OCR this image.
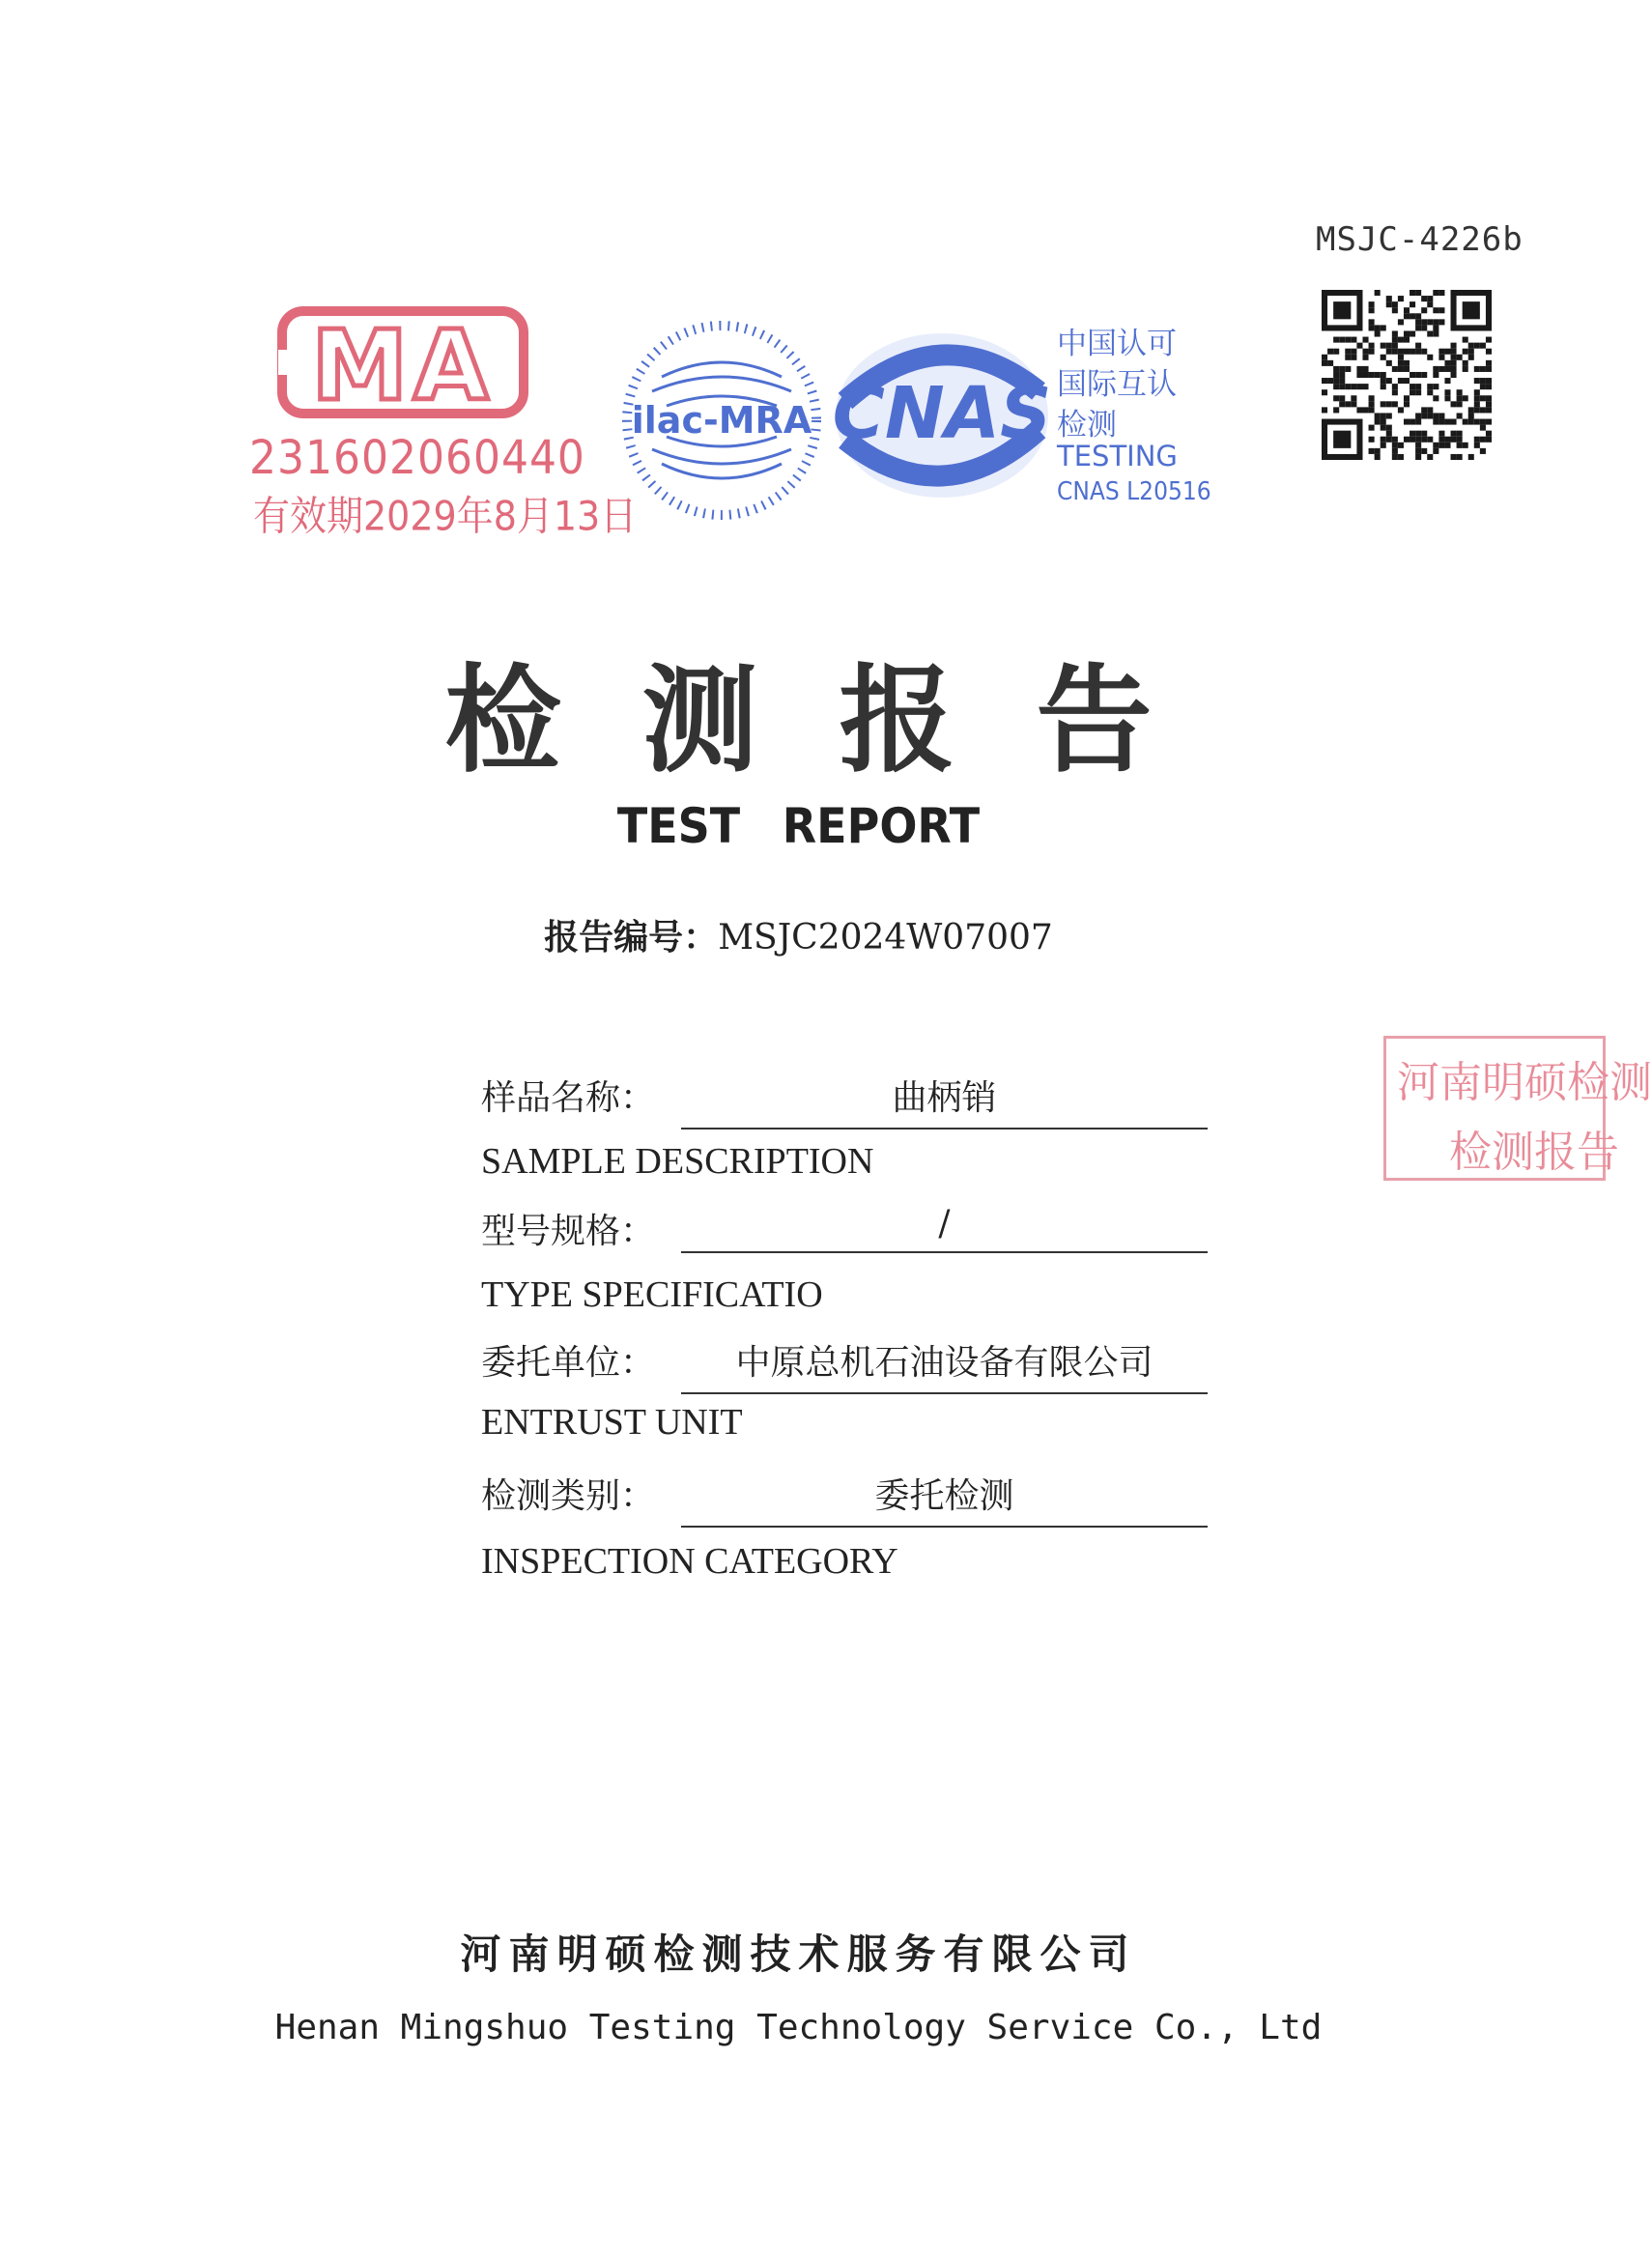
MSJC-4226b
MA
231602060440
有效期2029年8月13日
ilac-MRA CNAS
中国认可
国际互认
检测
TESTING
CNAS L20516
检测报告
TEST REPORT
报告编号：MSJC2024W07007
样品名称：	曲柄销
SAMPLE DESCRIPTION
型号规格：	/
TYPE SPECIFICATIO
委托单位：	中原总机石油设备有限公司
ENTRUST UNIT
检测类别：	委托检测
INSPECTION CATEGORY
河南明硕检测
检测报告
河南明硕检测技术服务有限公司
Henan Mingshuo Testing Technology Service Co., Ltd
